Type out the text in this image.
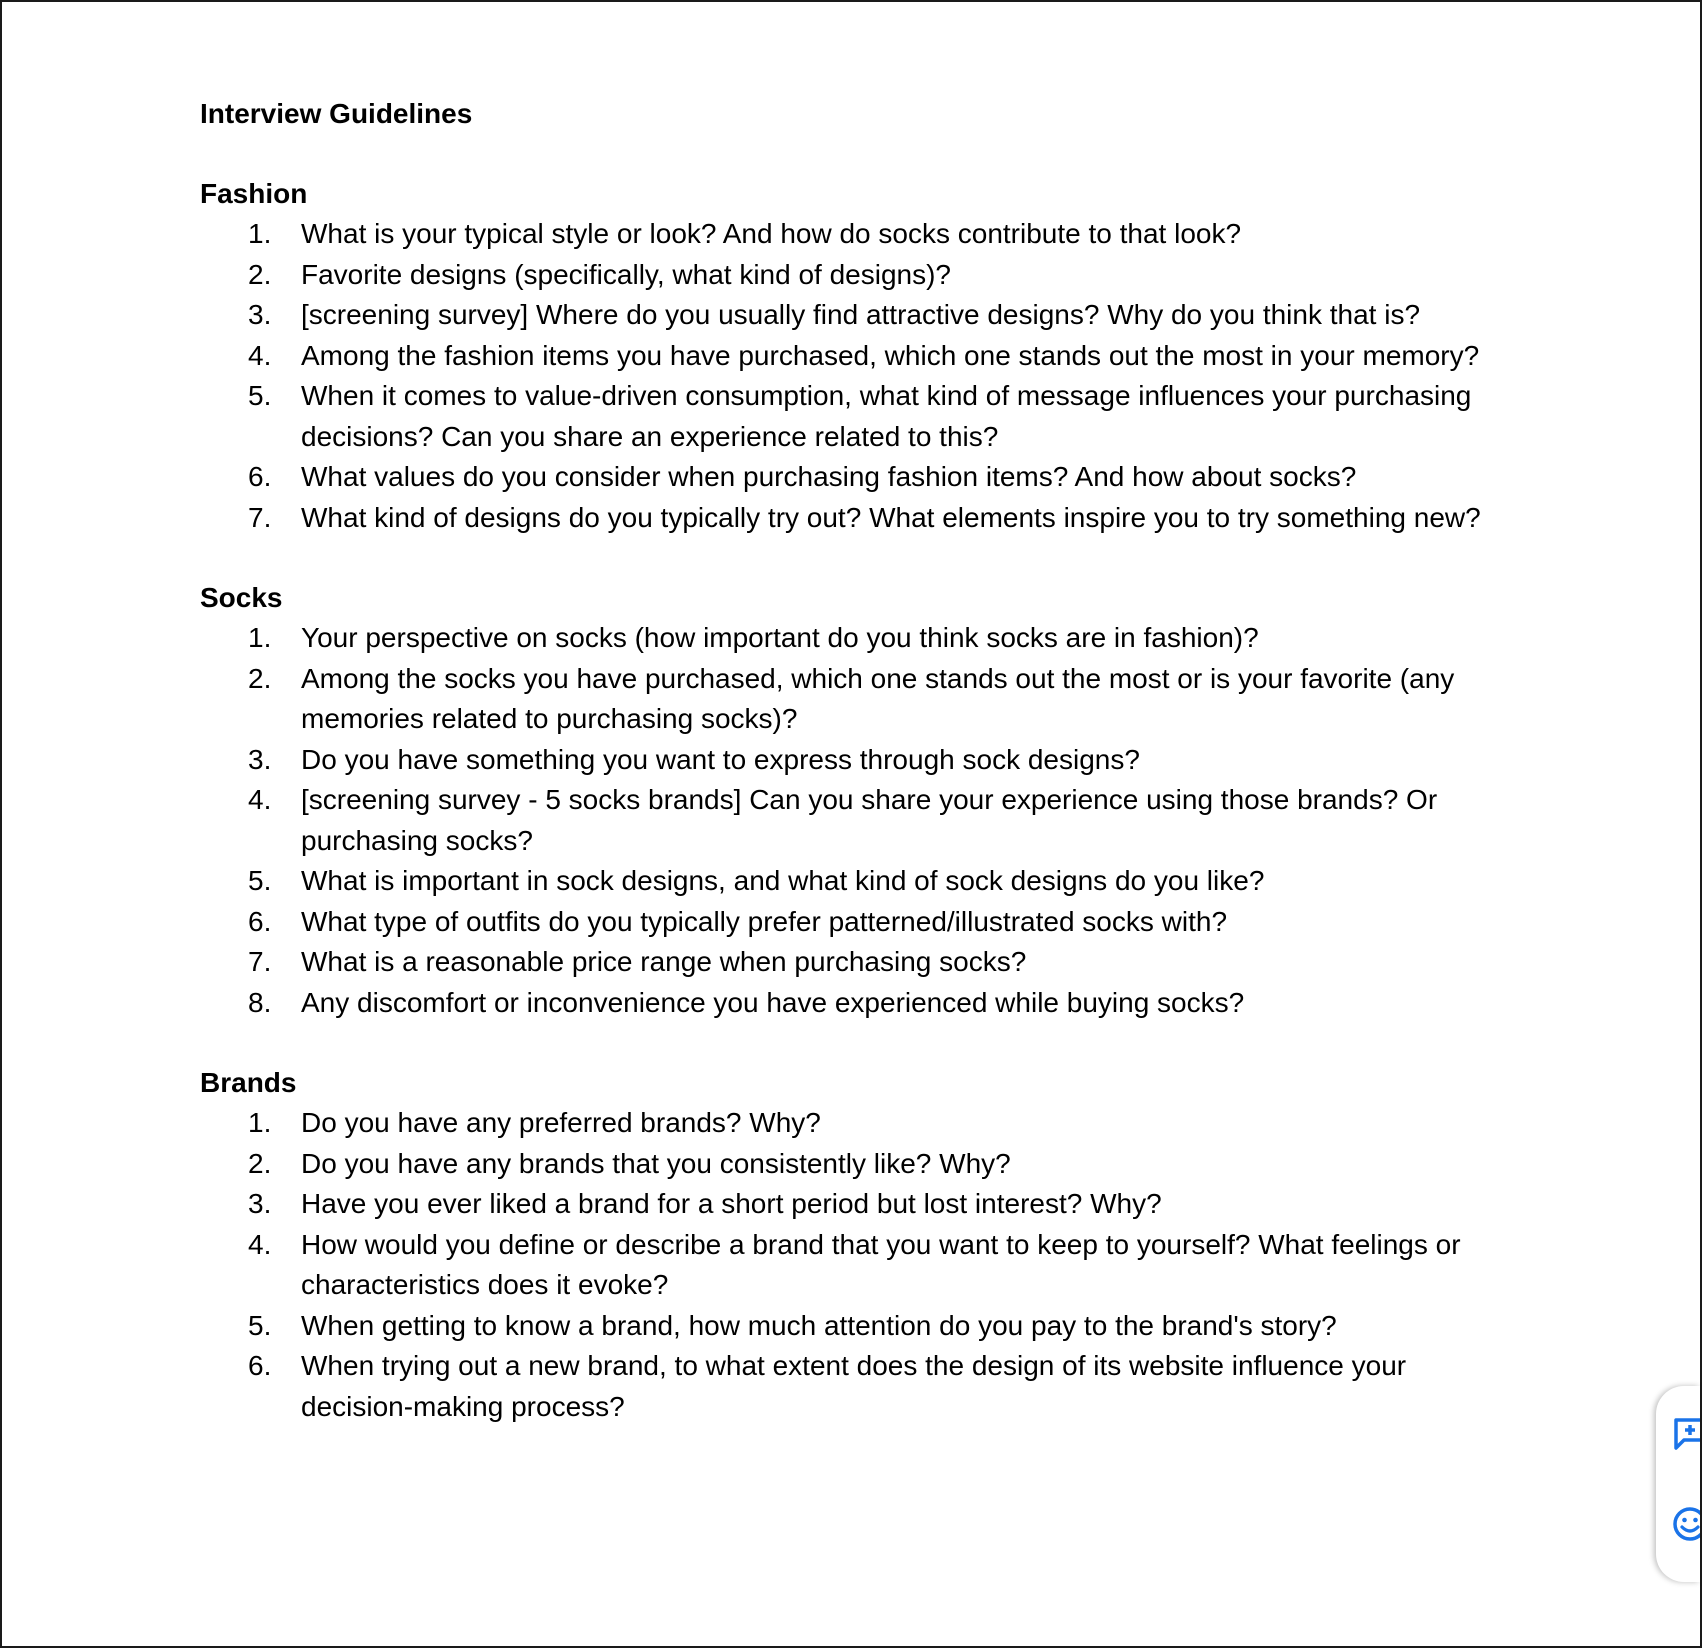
Interview Guidelines
Fashion
1.	What is your typical style or look? And how do socks contribute to that look?
2.	Favorite designs (specifically, what kind of designs)?
3.	[screening survey] Where do you usually find attractive designs? Why do you think that is?
4.	Among the fashion items you have purchased, which one stands out the most in your memory?
5.	When it comes to value-driven consumption, what kind of message influences your purchasing decisions? Can you share an experience related to this?
6.	What values do you consider when purchasing fashion items? And how about socks?
7.	What kind of designs do you typically try out? What elements inspire you to try something new?
Socks
1.	Your perspective on socks (how important do you think socks are in fashion)?
2.	Among the socks you have purchased, which one stands out the most or is your favorite (any memories related to purchasing socks)?
3.	Do you have something you want to express through sock designs?
4.	[screening survey - 5 socks brands] Can you share your experience using those brands? Or purchasing socks?
5.	What is important in sock designs, and what kind of sock designs do you like?
6.	What type of outfits do you typically prefer patterned/illustrated socks with?
7.	What is a reasonable price range when purchasing socks?
8.	Any discomfort or inconvenience you have experienced while buying socks?
Brands
1.	Do you have any preferred brands? Why?
2.	Do you have any brands that you consistently like? Why?
3.	Have you ever liked a brand for a short period but lost interest? Why?
4.	How would you define or describe a brand that you want to keep to yourself? What feelings or characteristics does it evoke?
5.	When getting to know a brand, how much attention do you pay to the brand's story?
6.	When trying out a new brand, to what extent does the design of its website influence your decision-making process?
